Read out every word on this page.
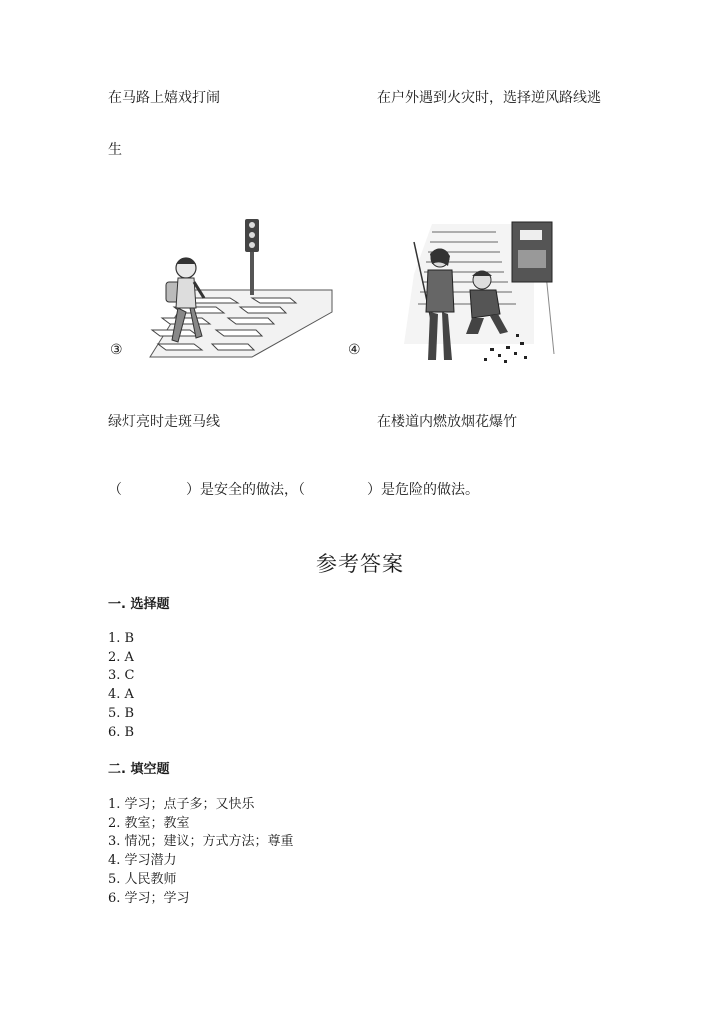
在马路上嬉戏打闹	在户外遇到火灾时，选择逆风路线逃
生
③	④
绿灯亮时走斑马线	在楼道内燃放烟花爆竹
（	）是安全的做法，（	）是危险的做法。
参考答案
一. 选择题
1. B
2. A
3. C
4. A
5. B
6. B
二. 填空题
1. 学习；点子多；又快乐
2. 教室；教室
3. 情况；建议；方式方法；尊重
4. 学习潜力
5. 人民教师
6. 学习；学习
